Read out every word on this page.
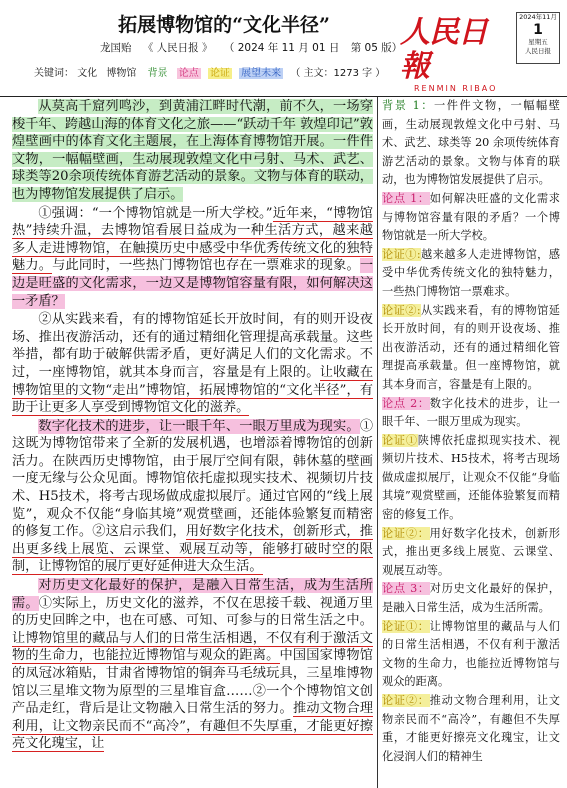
拓展博物馆的“文化半径”
龙国贻 《 人民日报 》 （ 2024 年 11 月 01 日 第 05 版）
关键词： 文化 博物馆 背景 论点 论证 展望未来 （ 主文：1273 字 ）
人民日報
RENMIN RIBAO
2024年11月
1
星期五
人民日报

从莫高千窟列鸣沙，到黄浦江畔时代潮，前不久，一场穿梭千年、跨越山海的体育文化之旅——“跃动千年 敦煌印记”敦煌壁画中的体育文化主题展，在上海体育博物馆开展。一件件文物，一幅幅壁画，生动展现敦煌文化中弓射、马术、武艺、球类等20余项传统体育游艺活动的景象。文物与体育的联动，也为博物馆发展提供了启示。

①强调：“一个博物馆就是一所大学校。”近年来，“博物馆热”持续升温，去博物馆看展日益成为一种生活方式，越来越多人走进博物馆，在触摸历史中感受中华优秀传统文化的独特魅力。与此同时，一些热门博物馆也存在一票难求的现象。一边是旺盛的文化需求，一边又是博物馆容量有限，如何解决这一矛盾？

②从实践来看，有的博物馆延长开放时间，有的则开设夜场、推出夜游活动，还有的通过精细化管理提高承载量。这些举措，都有助于破解供需矛盾，更好满足人们的文化需求。不过，一座博物馆，就其本身而言，容量是有上限的。让收藏在博物馆里的文物“走出”博物馆，拓展博物馆的“文化半径”，有助于让更多人享受到博物馆文化的滋养。

数字化技术的进步，让一眼千年、一眼万里成为现实。①这既为博物馆带来了全新的发展机遇，也增添着博物馆的创新活力。在陕西历史博物馆，由于展厅空间有限，韩休墓的壁画一度无缘与公众见面。博物馆依托虚拟现实技术、视频切片技术、H5技术，将考古现场做成虚拟展厅。通过官网的“线上展览”，观众不仅能“身临其境”观赏壁画，还能体验繁复而精密的修复工作。②这启示我们，用好数字化技术，创新形式，推出更多线上展览、云课堂、观展互动等，能够打破时空的限制，让博物馆的展厅更好延伸进大众生活。

对历史文化最好的保护，是融入日常生活，成为生活所需。①实际上，历史文化的滋养，不仅在思接千载、视通万里的历史回眸之中，也在可感、可知、可参与的日常生活之中。让博物馆里的藏品与人们的日常生活相遇，不仅有利于激活文物的生命力，也能拉近博物馆与观众的距离。中国国家博物馆的凤冠冰箱贴，甘肃省博物馆的铜奔马毛绒玩具，三星堆博物馆以三星堆文物为原型的三星堆盲盒……②一个个博物馆文创产品走红，背后是让文物融入日常生活的努力。推动文物合理利用，让文物亲民而不“高冷”，有趣但不失厚重，才能更好擦亮文化瑰宝，让

背景 1：一件件文物，一幅幅壁画，生动展现敦煌文化中弓射、马术、武艺、球类等 20 余项传统体育游艺活动的景象。文物与体育的联动，也为博物馆发展提供了启示。

论点 1：如何解决旺盛的文化需求与博物馆容量有限的矛盾？一个博物馆就是一所大学校。

论证①:越来越多人走进博物馆，感受中华优秀传统文化的独特魅力，一些热门博物馆一票难求。

论证②:从实践来看，有的博物馆延长开放时间，有的则开设夜场、推出夜游活动，还有的通过精细化管理提高承载量。但一座博物馆，就其本身而言，容量是有上限的。

论点 2：数字化技术的进步，让一眼千年、一眼万里成为现实。

论证①陕博依托虚拟现实技术、视频切片技术、H5技术，将考古现场做成虚拟展厅，让观众不仅能“身临其境”观赏壁画，还能体验繁复而精密的修复工作。

论证②：用好数字化技术，创新形式，推出更多线上展览、云课堂、观展互动等。

论点 3：对历史文化最好的保护，是融入日常生活，成为生活所需。

论证①：让博物馆里的藏品与人们的日常生活相遇，不仅有利于激活文物的生命力，也能拉近博物馆与观众的距离。

论证②：推动文物合理利用，让文物亲民而不“高冷”，有趣但不失厚重，才能更好擦亮文化瑰宝，让文化浸润人们的精神生
